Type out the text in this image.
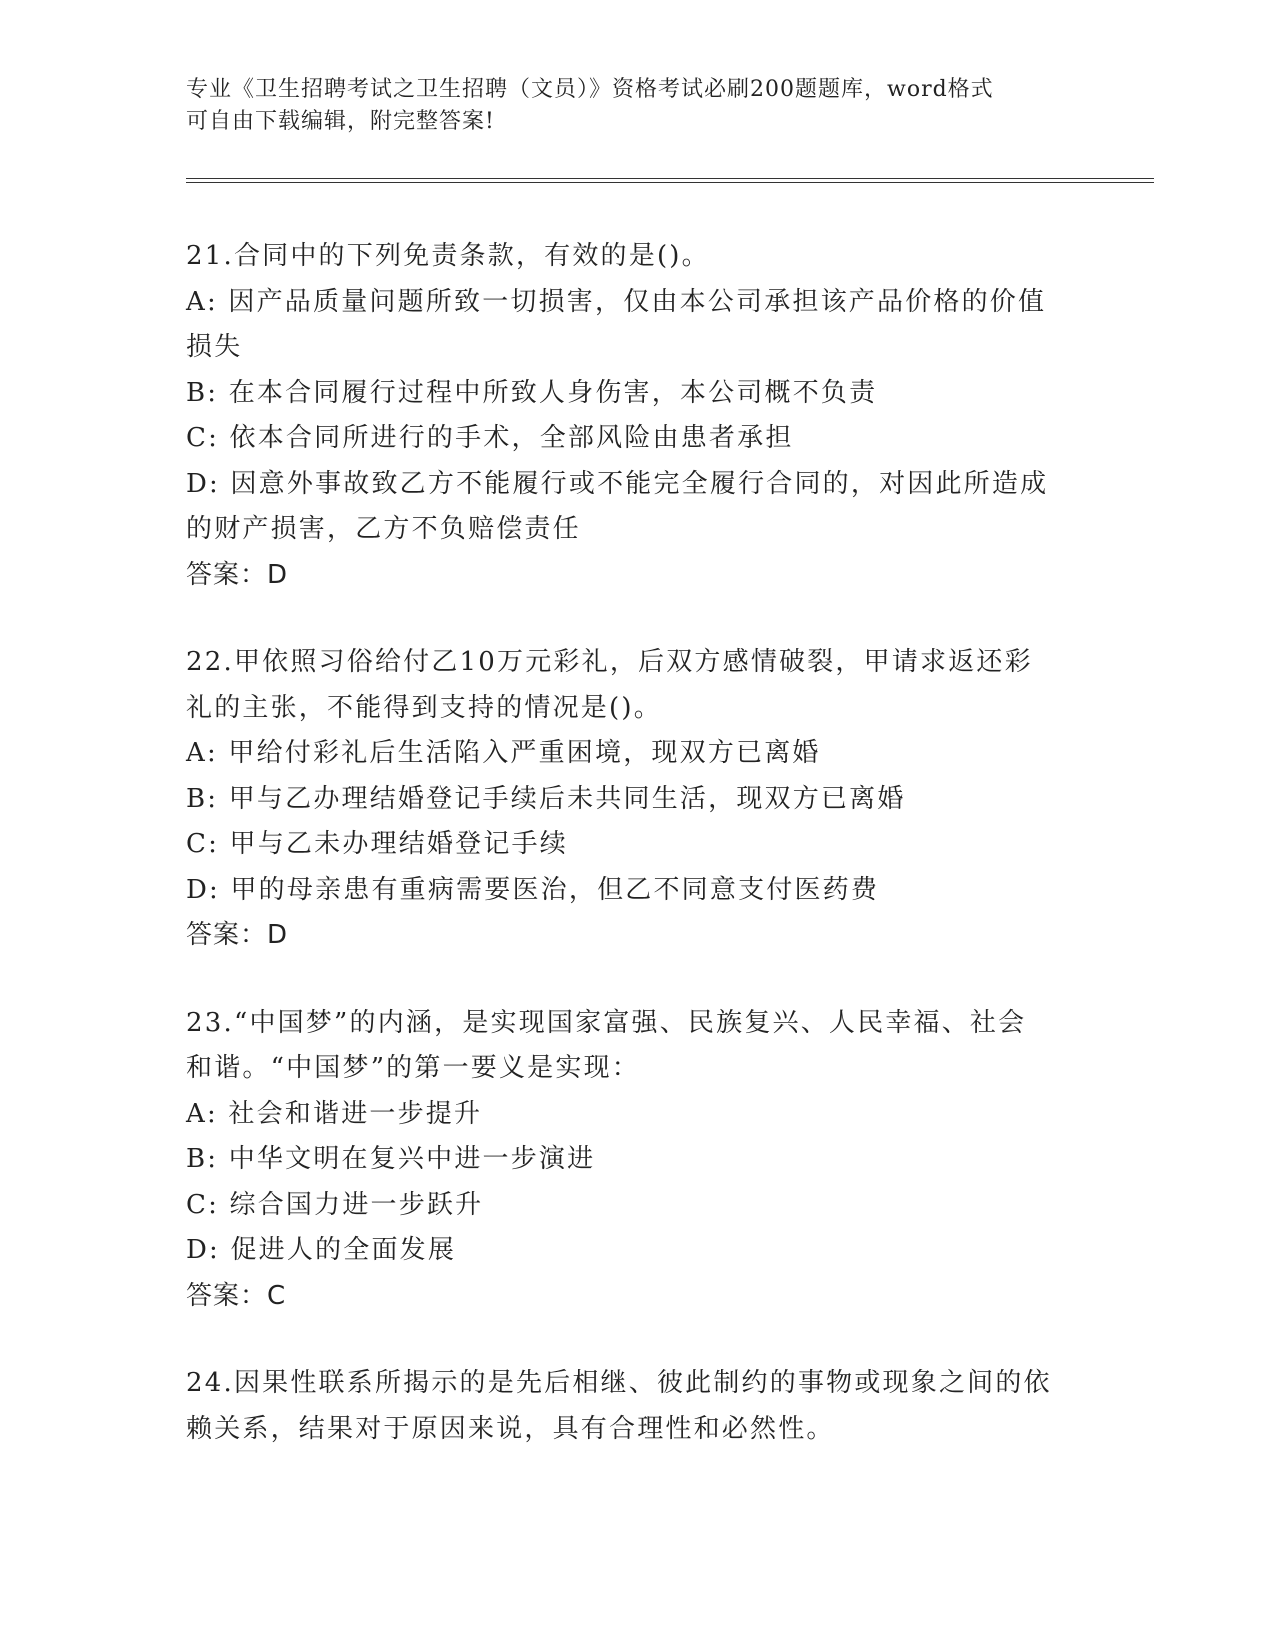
专业《卫生招聘考试之卫生招聘（文员）》资格考试必刷200题题库，word格式
可自由下载编辑，附完整答案!
21.合同中的下列免责条款，有效的是()。
A: 因产品质量问题所致一切损害，仅由本公司承担该产品价格的价值
损失
B: 在本合同履行过程中所致人身伤害，本公司概不负责
C: 依本合同所进行的手术，全部风险由患者承担
D: 因意外事故致乙方不能履行或不能完全履行合同的，对因此所造成
的财产损害，乙方不负赔偿责任
答案：D
22.甲依照习俗给付乙10万元彩礼，后双方感情破裂，甲请求返还彩
礼的主张，不能得到支持的情况是()。
A: 甲给付彩礼后生活陷入严重困境，现双方已离婚
B: 甲与乙办理结婚登记手续后未共同生活，现双方已离婚
C: 甲与乙未办理结婚登记手续
D: 甲的母亲患有重病需要医治，但乙不同意支付医药费
答案：D
23.“中国梦”的内涵，是实现国家富强、民族复兴、人民幸福、社会
和谐。“中国梦”的第一要义是实现：
A: 社会和谐进一步提升
B: 中华文明在复兴中进一步演进
C: 综合国力进一步跃升
D: 促进人的全面发展
答案：C
24.因果性联系所揭示的是先后相继、彼此制约的事物或现象之间的依
赖关系，结果对于原因来说，具有合理性和必然性。
